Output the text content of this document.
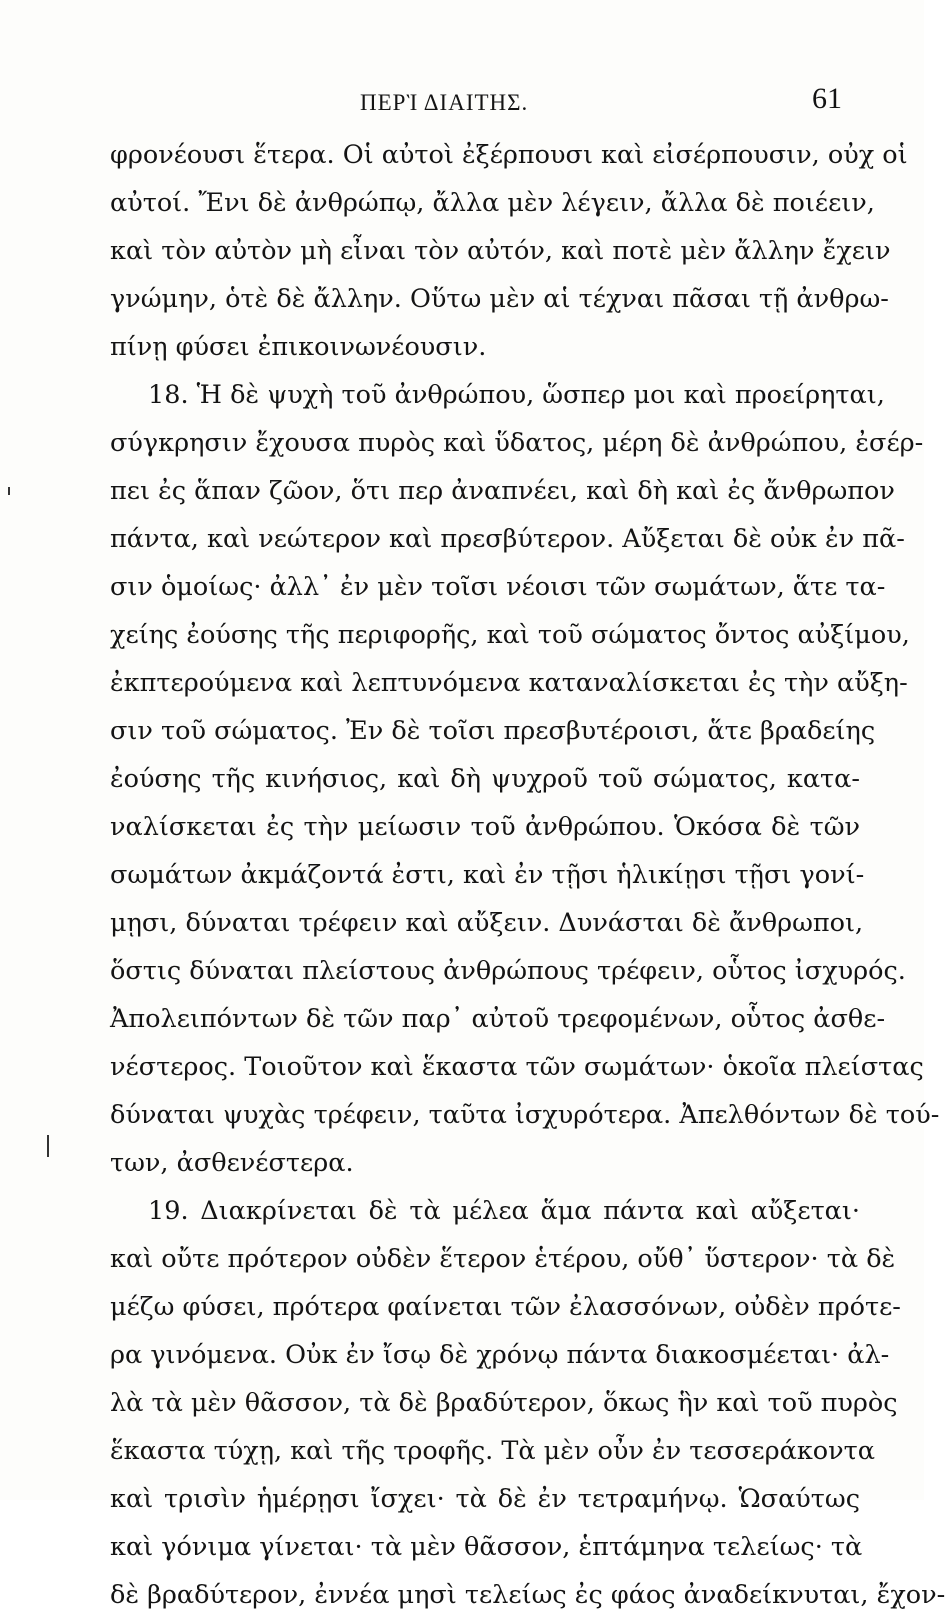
ΠΕΡῚ ΔΙΑΙΤΗΣ.	61
φρονέουσι ἕτερα. Οἱ αὐτοὶ ἐξέρπουσι καὶ εἰσέρπουσιν, οὐχ οἱ
αὐτοί. Ἔνι δὲ ἀνθρώπῳ, ἄλλα μὲν λέγειν, ἄλλα δὲ ποιέειν,
καὶ τὸν αὐτὸν μὴ εἶναι τὸν αὐτόν, καὶ ποτὲ μὲν ἄλλην ἔχειν
γνώμην, ὁτὲ δὲ ἄλλην. Οὕτω μὲν αἱ τέχναι πᾶσαι τῇ ἀνθρω-
πίνῃ φύσει ἐπικοινωνέουσιν.
18. Ἡ δὲ ψυχὴ τοῦ ἀνθρώπου, ὥσπερ μοι καὶ προείρηται,
σύγκρησιν ἔχουσα πυρὸς καὶ ὕδατος, μέρη δὲ ἀνθρώπου, ἐσέρ-
πει ἐς ἅπαν ζῶον, ὅτι περ ἀναπνέει, καὶ δὴ καὶ ἐς ἄνθρωπον
πάντα, καὶ νεώτερον καὶ πρεσβύτερον. Αὔξεται δὲ οὐκ ἐν πᾶ-
σιν ὁμοίως· ἀλλ᾽ ἐν μὲν τοῖσι νέοισι τῶν σωμάτων, ἅτε τα-
χείης ἐούσης τῆς περιφορῆς, καὶ τοῦ σώματος ὄντος αὐξίμου,
ἐκπτερούμενα καὶ λεπτυνόμενα καταναλίσκεται ἐς τὴν αὔξη-
σιν τοῦ σώματος. Ἐν δὲ τοῖσι πρεσβυτέροισι, ἅτε βραδείης
ἐούσης τῆς κινήσιος, καὶ δὴ ψυχροῦ τοῦ σώματος, κατα-
ναλίσκεται ἐς τὴν μείωσιν τοῦ ἀνθρώπου. Ὁκόσα δὲ τῶν
σωμάτων ἀκμάζοντά ἐστι, καὶ ἐν τῇσι ἡλικίῃσι τῇσι γονί-
μῃσι, δύναται τρέφειν καὶ αὔξειν. Δυνάσται δὲ ἄνθρωποι,
ὅστις δύναται πλείστους ἀνθρώπους τρέφειν, οὗτος ἰσχυρός.
Ἀπολειπόντων δὲ τῶν παρ᾽ αὐτοῦ τρεφομένων, οὗτος ἀσθε-
νέστερος. Τοιοῦτον καὶ ἕκαστα τῶν σωμάτων· ὁκοῖα πλείστας
δύναται ψυχὰς τρέφειν, ταῦτα ἰσχυρότερα. Ἀπελθόντων δὲ τού-
των, ἀσθενέστερα.
19. Διακρίνεται δὲ τὰ μέλεα ἅμα πάντα καὶ αὔξεται·
καὶ οὔτε πρότερον οὐδὲν ἕτερον ἑτέρου, οὔθ᾽ ὕστερον· τὰ δὲ
μέζω φύσει, πρότερα φαίνεται τῶν ἐλασσόνων, οὐδὲν πρότε-
ρα γινόμενα. Οὐκ ἐν ἴσῳ δὲ χρόνῳ πάντα διακοσμέεται· ἀλ-
λὰ τὰ μὲν θᾶσσον, τὰ δὲ βραδύτερον, ὅκως ἣν καὶ τοῦ πυρὸς
ἕκαστα τύχῃ, καὶ τῆς τροφῆς. Τὰ μὲν οὖν ἐν τεσσεράκοντα
καὶ τρισὶν ἡμέρῃσι ἴσχει· τὰ δὲ ἐν τετραμήνῳ. Ὡσαύτως
καὶ γόνιμα γίνεται· τὰ μὲν θᾶσσον, ἑπτάμηνα τελείως· τὰ
δὲ βραδύτερον, ἐννέα μησὶ τελείως ἐς φάος ἀναδείκνυται, ἔχον-
